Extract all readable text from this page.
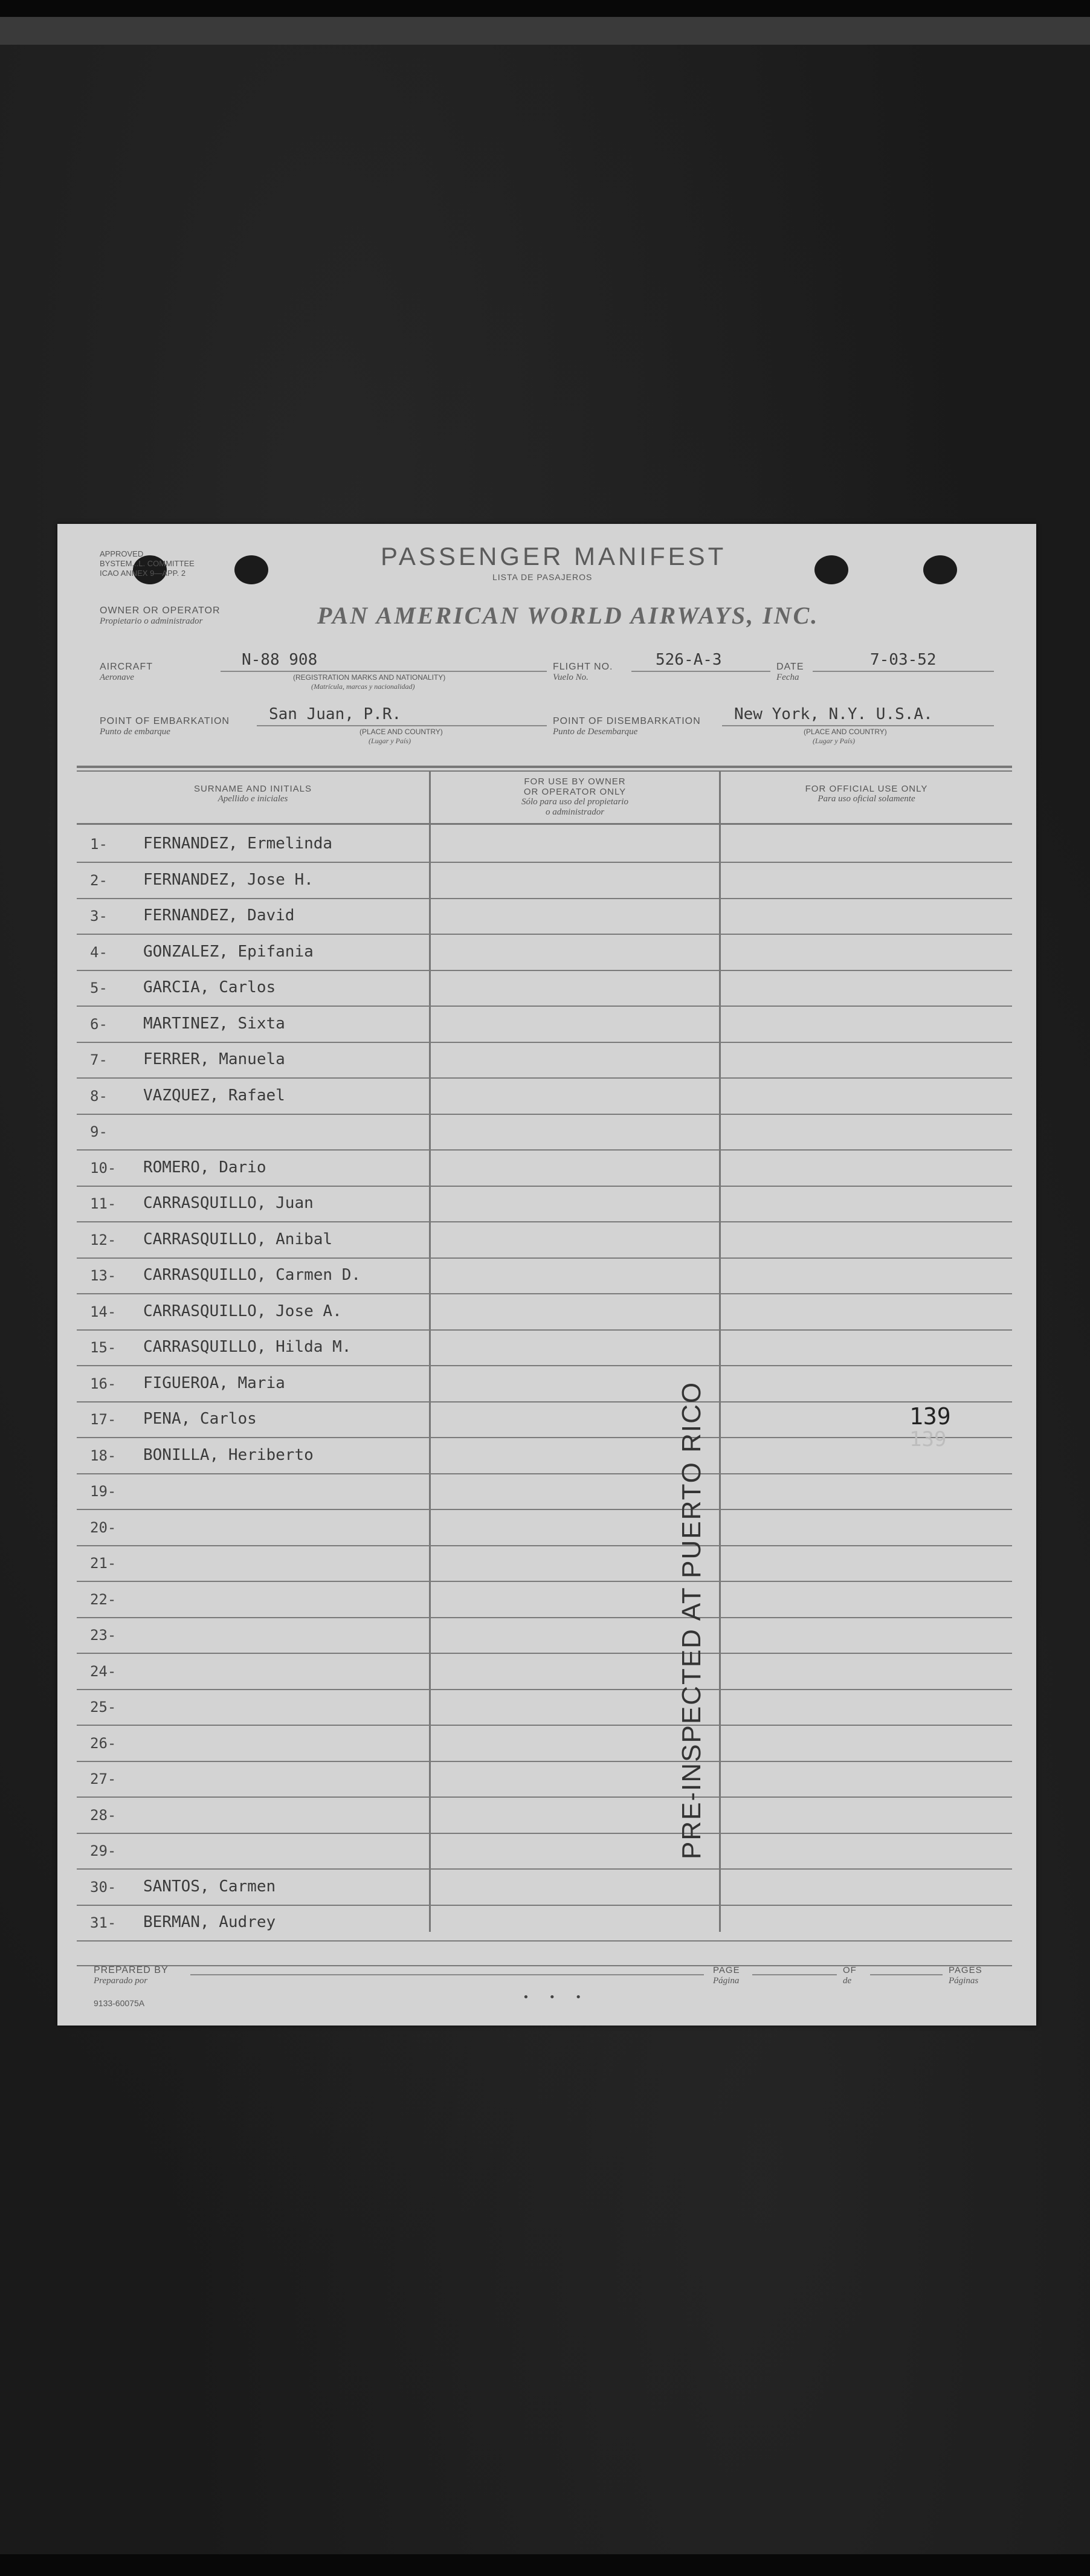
APPROVED
BYSTEM...L. COMMITTEE
ICAO ANNEX 9—APP. 2
PASSENGER MANIFEST
LISTA DE PASAJEROS
OWNER OR OPERATOR
Propietario o administrador	PAN AMERICAN WORLD AIRWAYS, INC.
AIRCRAFT
Aeronave
N-88 908
(REGISTRATION MARKS AND NATIONALITY)
(Matrícula, marcas y nacionalidad)
FLIGHT NO.
Vuelo No.
526-A-3	DATE
Fecha
7-03-52
POINT OF EMBARKATION
Punto de embarque
San Juan, P.R.
(PLACE AND COUNTRY)
(Lugar y País)
POINT OF DISEMBARKATION
Punto de Desembarque
New York, N.Y. U.S.A.
(PLACE AND COUNTRY)
(Lugar y País)
SURNAME AND INITIALS
Apellido e iniciales
FOR USE BY OWNER
OR OPERATOR ONLY
Sólo para uso del propietario
o administrador
FOR OFFICIAL USE ONLY
Para uso oficial solamente
1- FERNANDEZ, Ermelinda
2- FERNANDEZ, Jose H.
3- FERNANDEZ, David
4- GONZALEZ, Epifania
5- GARCIA, Carlos
6- MARTINEZ, Sixta
7- FERRER, Manuela
8- VAZQUEZ, Rafael
9-
10- ROMERO, Dario
11- CARRASQUILLO, Juan
12- CARRASQUILLO, Anibal
13- CARRASQUILLO, Carmen D.
14- CARRASQUILLO, Jose A.
15- CARRASQUILLO, Hilda M.
16- FIGUEROA, Maria
17- PENA, Carlos
18- BONILLA, Heriberto
19-
20-
21-
22-
23-
24-
25-
26-
27-
28-
29-
30- SANTOS, Carmen
31- BERMAN, Audrey
PRE-INSPECTED AT PUERTO RICO	139
139
PREPARED BY
Preparado por
9133-60075A	•   •   •
PAGE
Página
OF
de
PAGES
Páginas
